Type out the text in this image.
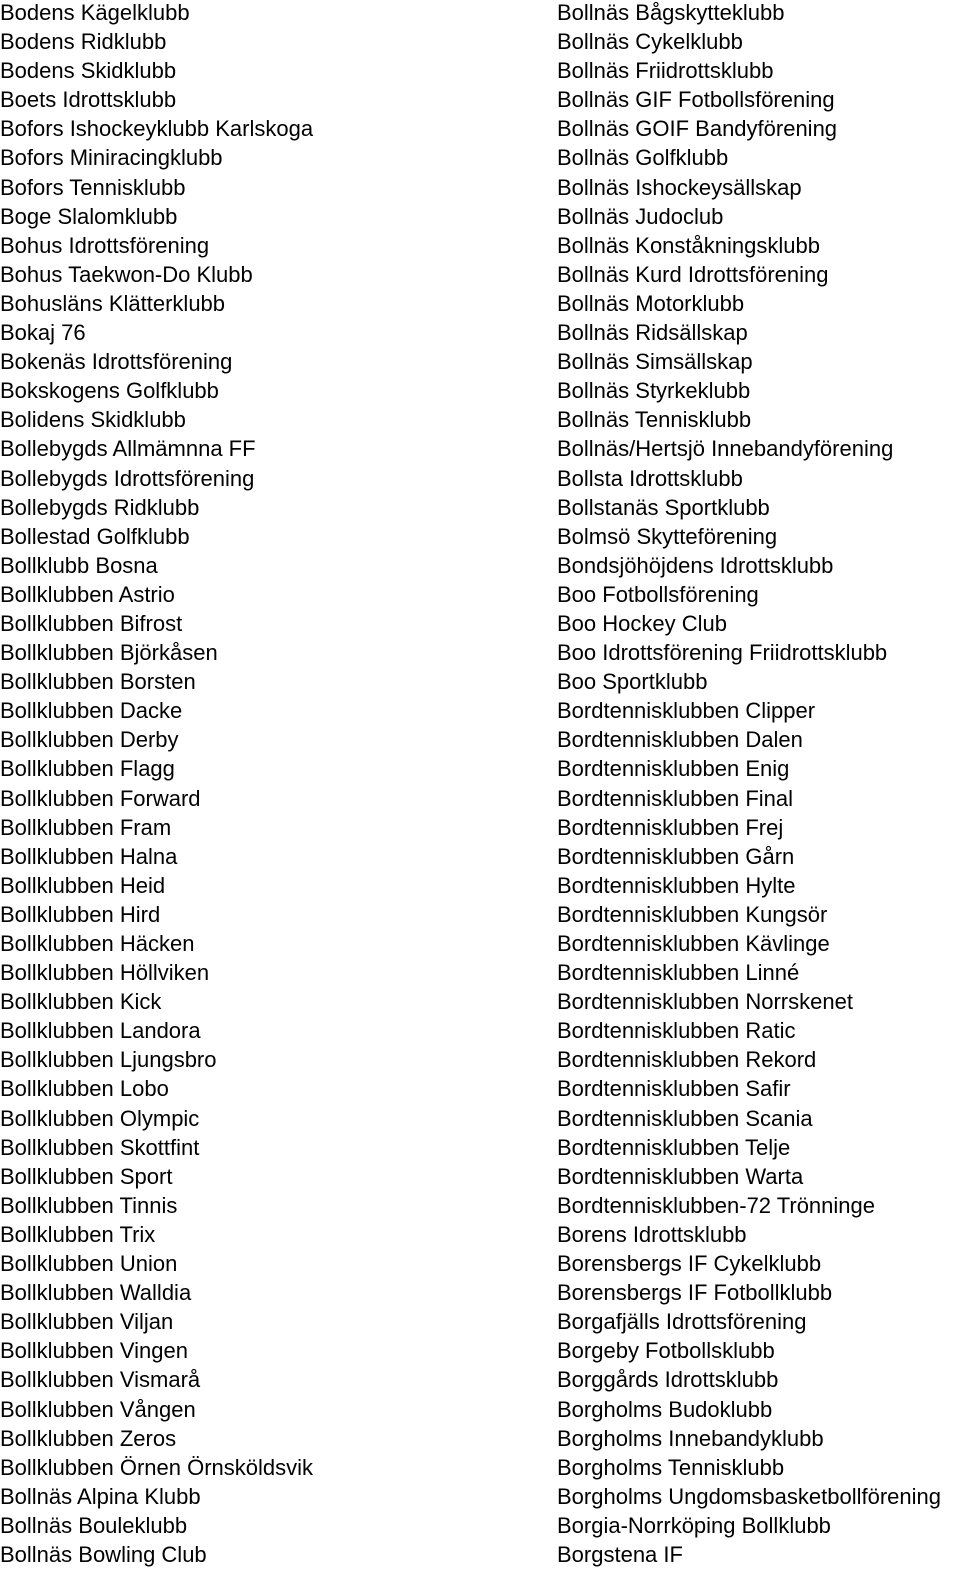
Bodens Kägelklubb
Bodens Ridklubb
Bodens Skidklubb
Boets Idrottsklubb
Bofors Ishockeyklubb Karlskoga
Bofors Miniracingklubb
Bofors Tennisklubb
Boge Slalomklubb
Bohus Idrottsförening
Bohus Taekwon-Do Klubb
Bohusläns Klätterklubb
Bokaj 76
Bokenäs Idrottsförening
Bokskogens Golfklubb
Bolidens Skidklubb
Bollebygds Allmämnna FF
Bollebygds Idrottsförening
Bollebygds Ridklubb
Bollestad Golfklubb
Bollklubb Bosna
Bollklubben Astrio
Bollklubben Bifrost
Bollklubben Björkåsen
Bollklubben Borsten
Bollklubben Dacke
Bollklubben Derby
Bollklubben Flagg
Bollklubben Forward
Bollklubben Fram
Bollklubben Halna
Bollklubben Heid
Bollklubben Hird
Bollklubben Häcken
Bollklubben Höllviken
Bollklubben Kick
Bollklubben Landora
Bollklubben Ljungsbro
Bollklubben Lobo
Bollklubben Olympic
Bollklubben Skottfint
Bollklubben Sport
Bollklubben Tinnis
Bollklubben Trix
Bollklubben Union
Bollklubben Walldia
Bollklubben Viljan
Bollklubben Vingen
Bollklubben Vismarå
Bollklubben Vången
Bollklubben Zeros
Bollklubben Örnen Örnsköldsvik
Bollnäs Alpina Klubb
Bollnäs Bouleklubb
Bollnäs Bowling Club
Bollnäs Bågskytteklubb
Bollnäs Cykelklubb
Bollnäs Friidrottsklubb
Bollnäs GIF Fotbollsförening
Bollnäs GOIF Bandyförening
Bollnäs Golfklubb
Bollnäs Ishockeysällskap
Bollnäs Judoclub
Bollnäs Konståkningsklubb
Bollnäs Kurd Idrottsförening
Bollnäs Motorklubb
Bollnäs Ridsällskap
Bollnäs Simsällskap
Bollnäs Styrkeklubb
Bollnäs Tennisklubb
Bollnäs/Hertsjö Innebandyförening
Bollsta Idrottsklubb
Bollstanäs Sportklubb
Bolmsö Skytteförening
Bondsjöhöjdens Idrottsklubb
Boo Fotbollsförening
Boo Hockey Club
Boo Idrottsförening Friidrottsklubb
Boo Sportklubb
Bordtennisklubben Clipper
Bordtennisklubben Dalen
Bordtennisklubben Enig
Bordtennisklubben Final
Bordtennisklubben Frej
Bordtennisklubben Gårn
Bordtennisklubben Hylte
Bordtennisklubben Kungsör
Bordtennisklubben Kävlinge
Bordtennisklubben Linné
Bordtennisklubben Norrskenet
Bordtennisklubben Ratic
Bordtennisklubben Rekord
Bordtennisklubben Safir
Bordtennisklubben Scania
Bordtennisklubben Telje
Bordtennisklubben Warta
Bordtennisklubben-72 Trönninge
Borens Idrottsklubb
Borensbergs IF Cykelklubb
Borensbergs IF Fotbollklubb
Borgafjälls Idrottsförening
Borgeby Fotbollsklubb
Borggårds Idrottsklubb
Borgholms Budoklubb
Borgholms Innebandyklubb
Borgholms Tennisklubb
Borgholms Ungdomsbasketbollförening
Borgia-Norrköping Bollklubb
Borgstena IF
